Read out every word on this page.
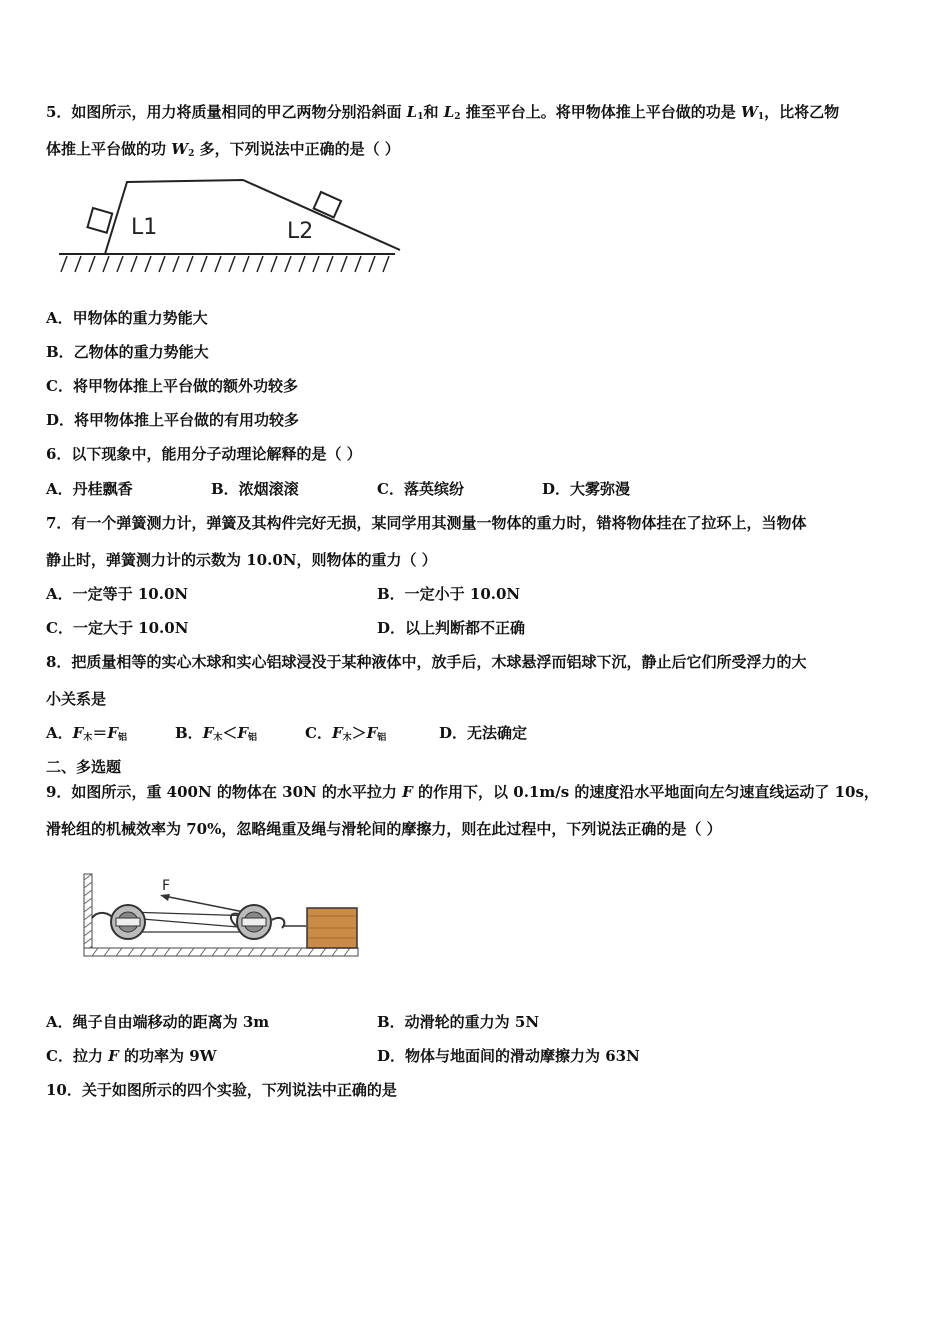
5．如图所示，用力将质量相同的甲乙两物分别沿斜面 $L_1$和 $L_2$ 推至平台上。将甲物体推上平台做的功是 $W_1$，比将乙物
体推上平台做的功 $W_2$ 多，下列说法中正确的是（ ）
L1	L2
A．甲物体的重力势能大
B．乙物体的重力势能大
C．将甲物体推上平台做的额外功较多
D．将甲物体推上平台做的有用功较多
6．以下现象中，能用分子动理论解释的是（ ）
A．丹桂飘香	B．浓烟滚滚	C．落英缤纷	D．大雾弥漫
7．有一个弹簧测力计，弹簧及其构件完好无损，某同学用其测量一物体的重力时，错将物体挂在了拉环上，当物体
静止时，弹簧测力计的示数为 10.0N，则物体的重力（ ）
A．一定等于 10.0N	B．一定小于 10.0N
C．一定大于 10.0N	D．以上判断都不正确
8．把质量相等的实心木球和实心铝球浸没于某种液体中，放手后，木球悬浮而铝球下沉，静止后它们所受浮力的大
小关系是
A．$F_木=F_铝$	B．$F_木<F_铝$	C．$F_木>F_铝$	D．无法确定
二、多选题
9．如图所示，重 400N 的物体在 30N 的水平拉力 F 的作用下，以 0.1m/s 的速度沿水平地面向左匀速直线运动了 10s，
滑轮组的机械效率为 70%，忽略绳重及绳与滑轮间的摩擦力，则在此过程中，下列说法正确的是（ ）
F
A．绳子自由端移动的距离为 3m	B．动滑轮的重力为 5N
C．拉力 F 的功率为 9W	D．物体与地面间的滑动摩擦力为 63N
10．关于如图所示的四个实验，下列说法中正确的是
